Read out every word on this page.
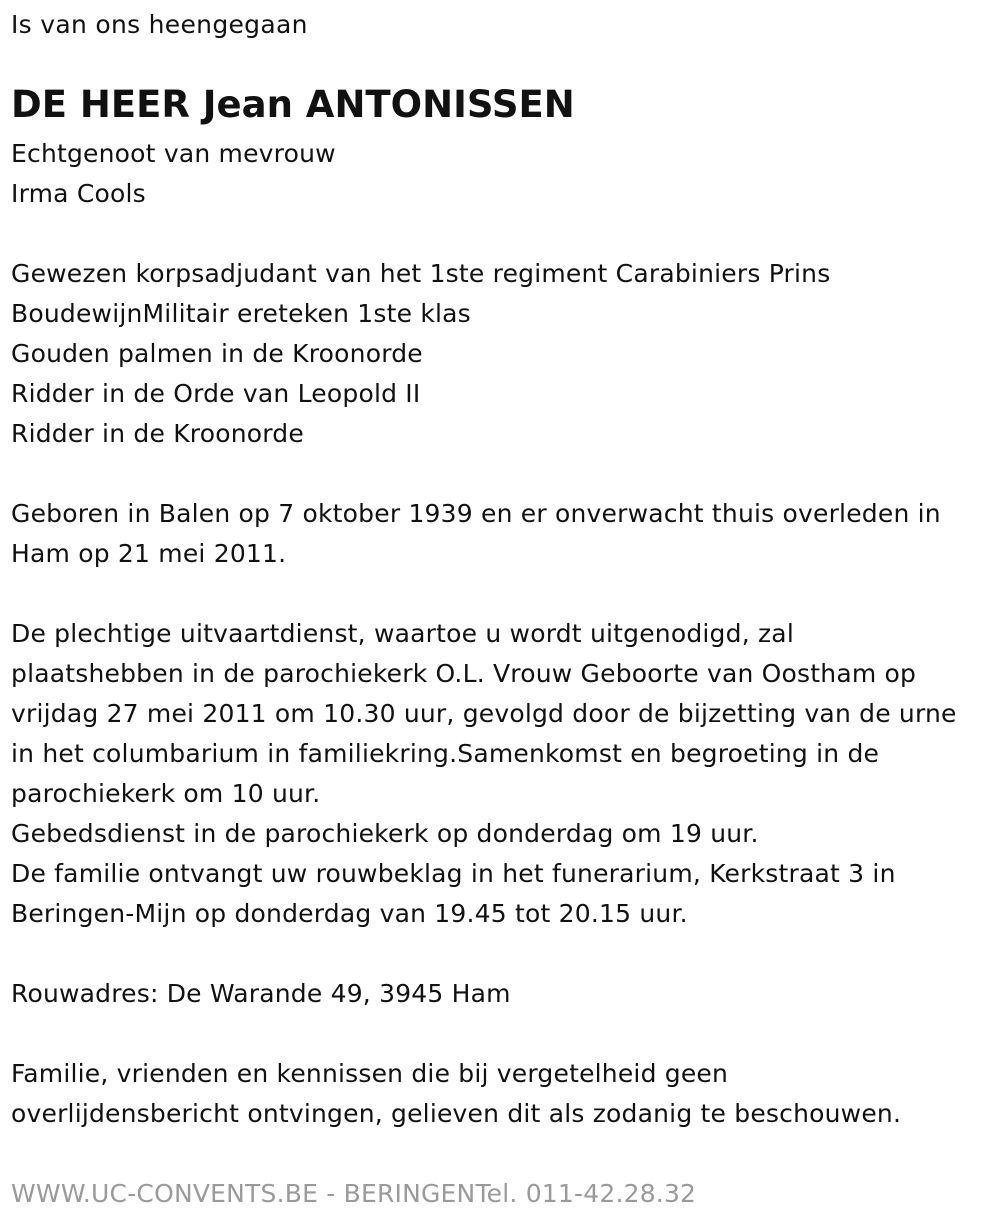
Is van ons heengegaan
DE HEER Jean ANTONISSEN
Echtgenoot van mevrouw
Irma Cools
Gewezen korpsadjudant van het 1ste regiment Carabiniers Prins
BoudewijnMilitair ereteken 1ste klas
Gouden palmen in de Kroonorde
Ridder in de Orde van Leopold II
Ridder in de Kroonorde
Geboren in Balen op 7 oktober 1939 en er onverwacht thuis overleden in
Ham op 21 mei 2011.
De plechtige uitvaartdienst, waartoe u wordt uitgenodigd, zal
plaatshebben in de parochiekerk O.L. Vrouw Geboorte van Oostham op
vrijdag 27 mei 2011 om 10.30 uur, gevolgd door de bijzetting van de urne
in het columbarium in familiekring.Samenkomst en begroeting in de
parochiekerk om 10 uur.
Gebedsdienst in de parochiekerk op donderdag om 19 uur.
De familie ontvangt uw rouwbeklag in het funerarium, Kerkstraat 3 in
Beringen-Mijn op donderdag van 19.45 tot 20.15 uur.
Rouwadres: De Warande 49, 3945 Ham
Familie, vrienden en kennissen die bij vergetelheid geen
overlijdensbericht ontvingen, gelieven dit als zodanig te beschouwen.
WWW.UC-CONVENTS.BE - BERINGENTel. 011-42.28.32
